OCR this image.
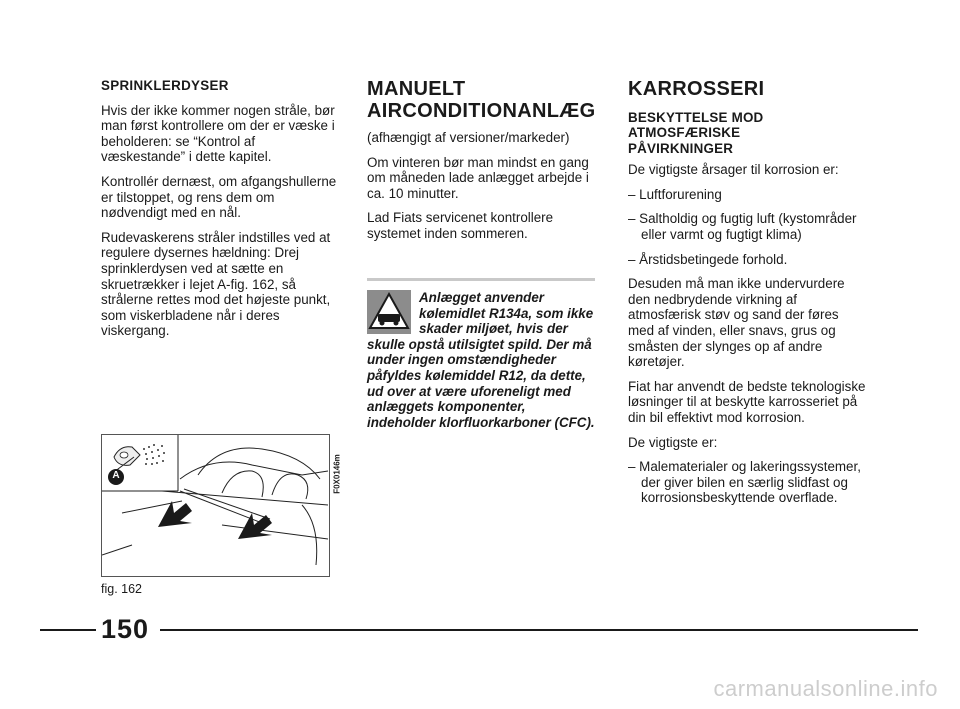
SPRINKLERDYSER

Hvis der ikke kommer nogen stråle, bør man først kontrollere om der er væske i beholderen: se “Kontrol af væskestande” i dette kapitel.

Kontrollér dernæst, om afgangshullerne er tilstoppet, og rens dem om nødvendigt med en nål.

Rudevaskerens stråler indstilles ved at regulere dysernes hældning: Drej sprinklerdysen ved at sætte en skruetrækker i lejet A-fig. 162, så strålerne rettes mod det højeste punkt, som viskerbladene når i deres viskergang.

A	F0X0146m
fig. 162
MANUELT
AIRCONDITIONANLÆG

(afhængigt af versioner/markeder)

Om vinteren bør man mindst en gang om måneden lade anlægget arbejde i ca. 10 minutter.

Lad Fiats servicenet kontrollere systemet inden sommeren.

Anlægget anvender kølemidlet R134a, som ikke skader miljøet, hvis der skulle opstå utilsigtet spild. Der må under ingen omstændigheder påfyldes kølemiddel R12, da dette, ud over at være uforeneligt med anlæggets komponenter, indeholder klorfluorkarboner (CFC).

KARROSSERI
BESKYTTELSE MOD
ATMOSFÆRISKE
PÅVIRKNINGER

De vigtigste årsager til korrosion er:

– Luftforurening

– Saltholdig og fugtig luft (kystområder eller varmt og fugtigt klima)

– Årstidsbetingede forhold.

Desuden må man ikke undervurdere den nedbrydende virkning af atmosfærisk støv og sand der føres med af vinden, eller snavs, grus og småsten der slynges op af andre køretøjer.

Fiat har anvendt de bedste teknologiske løsninger til at beskytte karrosseriet på din bil effektivt mod korrosion.

De vigtigste er:

– Malematerialer og lakeringssystemer, der giver bilen en særlig slidfast og korrosionsbeskyttende overflade.

150
carmanualsonline.info
